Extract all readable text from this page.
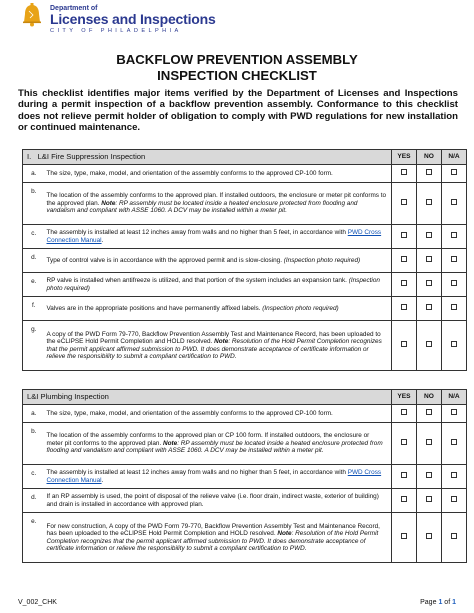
Department of
Licenses and Inspections
CITY OF PHILADELPHIA
BACKFLOW PREVENTION ASSEMBLY
INSPECTION CHECKLIST
This checklist identifies major items verified by the Department of Licenses and Inspections during a permit inspection of a backflow prevention assembly. Conformance to this checklist does not relieve permit holder of obligation to comply with PWD regulations for new installation or continued maintenance.
I. L&I Fire Suppression Inspection		YES	NO	N/A
a.	The size, type, make, model, and orientation of the assembly conforms to the approved CP-100 form.			
b.	The location of the assembly conforms to the approved plan. If installed outdoors, the enclosure or meter pit conforms to the approved plan. Note: RP assembly must be located inside a heated enclosure protected from flooding and vandalism and compliant with ASSE 1060. A DCV may be installed within a meter pit.			
c.	The assembly is installed at least 12 inches away from walls and no higher than 5 feet, in accordance with PWD Cross Connection Manual.			
d.	Type of control valve is in accordance with the approved permit and is slow-closing. (Inspection photo required)			
e.	RP valve is installed when antifreeze is utilized, and that portion of the system includes an expansion tank. (Inspection photo required)			
f.	Valves are in the appropriate positions and have permanently affixed labels. (Inspection photo required)			
g.	A copy of the PWD Form 79-770, Backflow Prevention Assembly Test and Maintenance Record, has been uploaded to the eCLIPSE Hold Permit Completion and HOLD resolved. Note: Resolution of the Hold Permit Completion recognizes that the permit applicant affirmed submission to PWD. It does demonstrate acceptance of certificate information or relieve the responsibility to submit a compliant certification to PWD.			
L&I Plumbing Inspection		YES	NO	N/A
a.	The size, type, make, model, and orientation of the assembly conforms to the approved CP-100 form.			
b.	The location of the assembly conforms to the approved plan or CP 100 form. If installed outdoors, the enclosure or meter pit conforms to the approved plan. Note: RP assembly must be located inside a heated enclosure protected from flooding and vandalism and compliant with ASSE 1060. A DCV may be installed within a meter pit.			
c.	The assembly is installed at least 12 inches away from walls and no higher than 5 feet, in accordance with PWD Cross Connection Manual.			
d.	If an RP assembly is used, the point of disposal of the relieve valve (i.e. floor drain, indirect waste, exterior of building) and drain is installed in accordance with approved plan.			
e.	For new construction, A copy of the PWD Form 79-770, Backflow Prevention Assembly Test and Maintenance Record, has been uploaded to the eCLIPSE Hold Permit Completion and HOLD resolved. Note: Resolution of the Hold Permit Completion recognizes that the permit applicant affirmed submission to PWD. It does demonstrate acceptance of certificate information or relieve the responsibility to submit a compliant certification to PWD.			
V_002_CHK	Page 1 of 1
